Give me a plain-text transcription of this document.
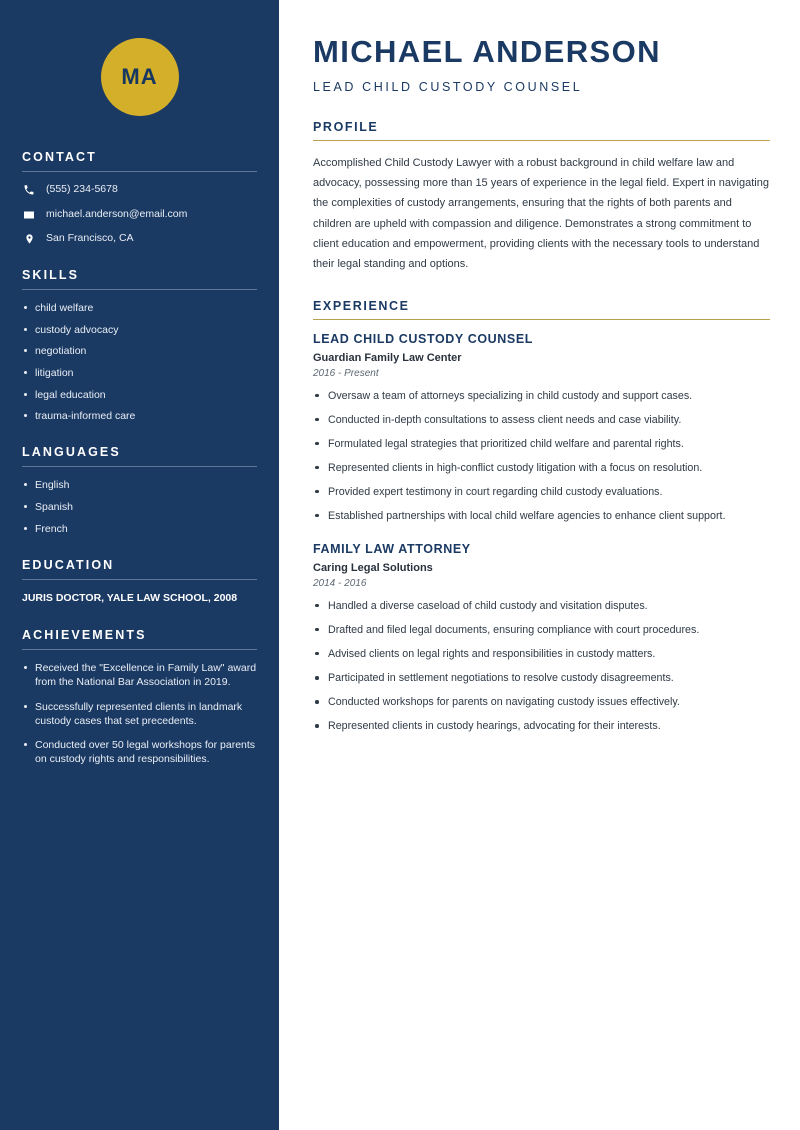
MA
CONTACT
(555) 234-5678
michael.anderson@email.com
San Francisco, CA
SKILLS
child welfare
custody advocacy
negotiation
litigation
legal education
trauma-informed care
LANGUAGES
English
Spanish
French
EDUCATION
JURIS DOCTOR, YALE LAW SCHOOL, 2008
ACHIEVEMENTS
Received the "Excellence in Family Law" award from the National Bar Association in 2019.
Successfully represented clients in landmark custody cases that set precedents.
Conducted over 50 legal workshops for parents on custody rights and responsibilities.
MICHAEL ANDERSON
LEAD CHILD CUSTODY COUNSEL
PROFILE

Accomplished Child Custody Lawyer with a robust background in child welfare law and advocacy, possessing more than 15 years of experience in the legal field. Expert in navigating the complexities of custody arrangements, ensuring that the rights of both parents and children are upheld with compassion and diligence. Demonstrates a strong commitment to client education and empowerment, providing clients with the necessary tools to understand their legal standing and options.

EXPERIENCE
LEAD CHILD CUSTODY COUNSEL
Guardian Family Law Center
2016 - Present
Oversaw a team of attorneys specializing in child custody and support cases.
Conducted in-depth consultations to assess client needs and case viability.
Formulated legal strategies that prioritized child welfare and parental rights.
Represented clients in high-conflict custody litigation with a focus on resolution.
Provided expert testimony in court regarding child custody evaluations.
Established partnerships with local child welfare agencies to enhance client support.
FAMILY LAW ATTORNEY
Caring Legal Solutions
2014 - 2016
Handled a diverse caseload of child custody and visitation disputes.
Drafted and filed legal documents, ensuring compliance with court procedures.
Advised clients on legal rights and responsibilities in custody matters.
Participated in settlement negotiations to resolve custody disagreements.
Conducted workshops for parents on navigating custody issues effectively.
Represented clients in custody hearings, advocating for their interests.
